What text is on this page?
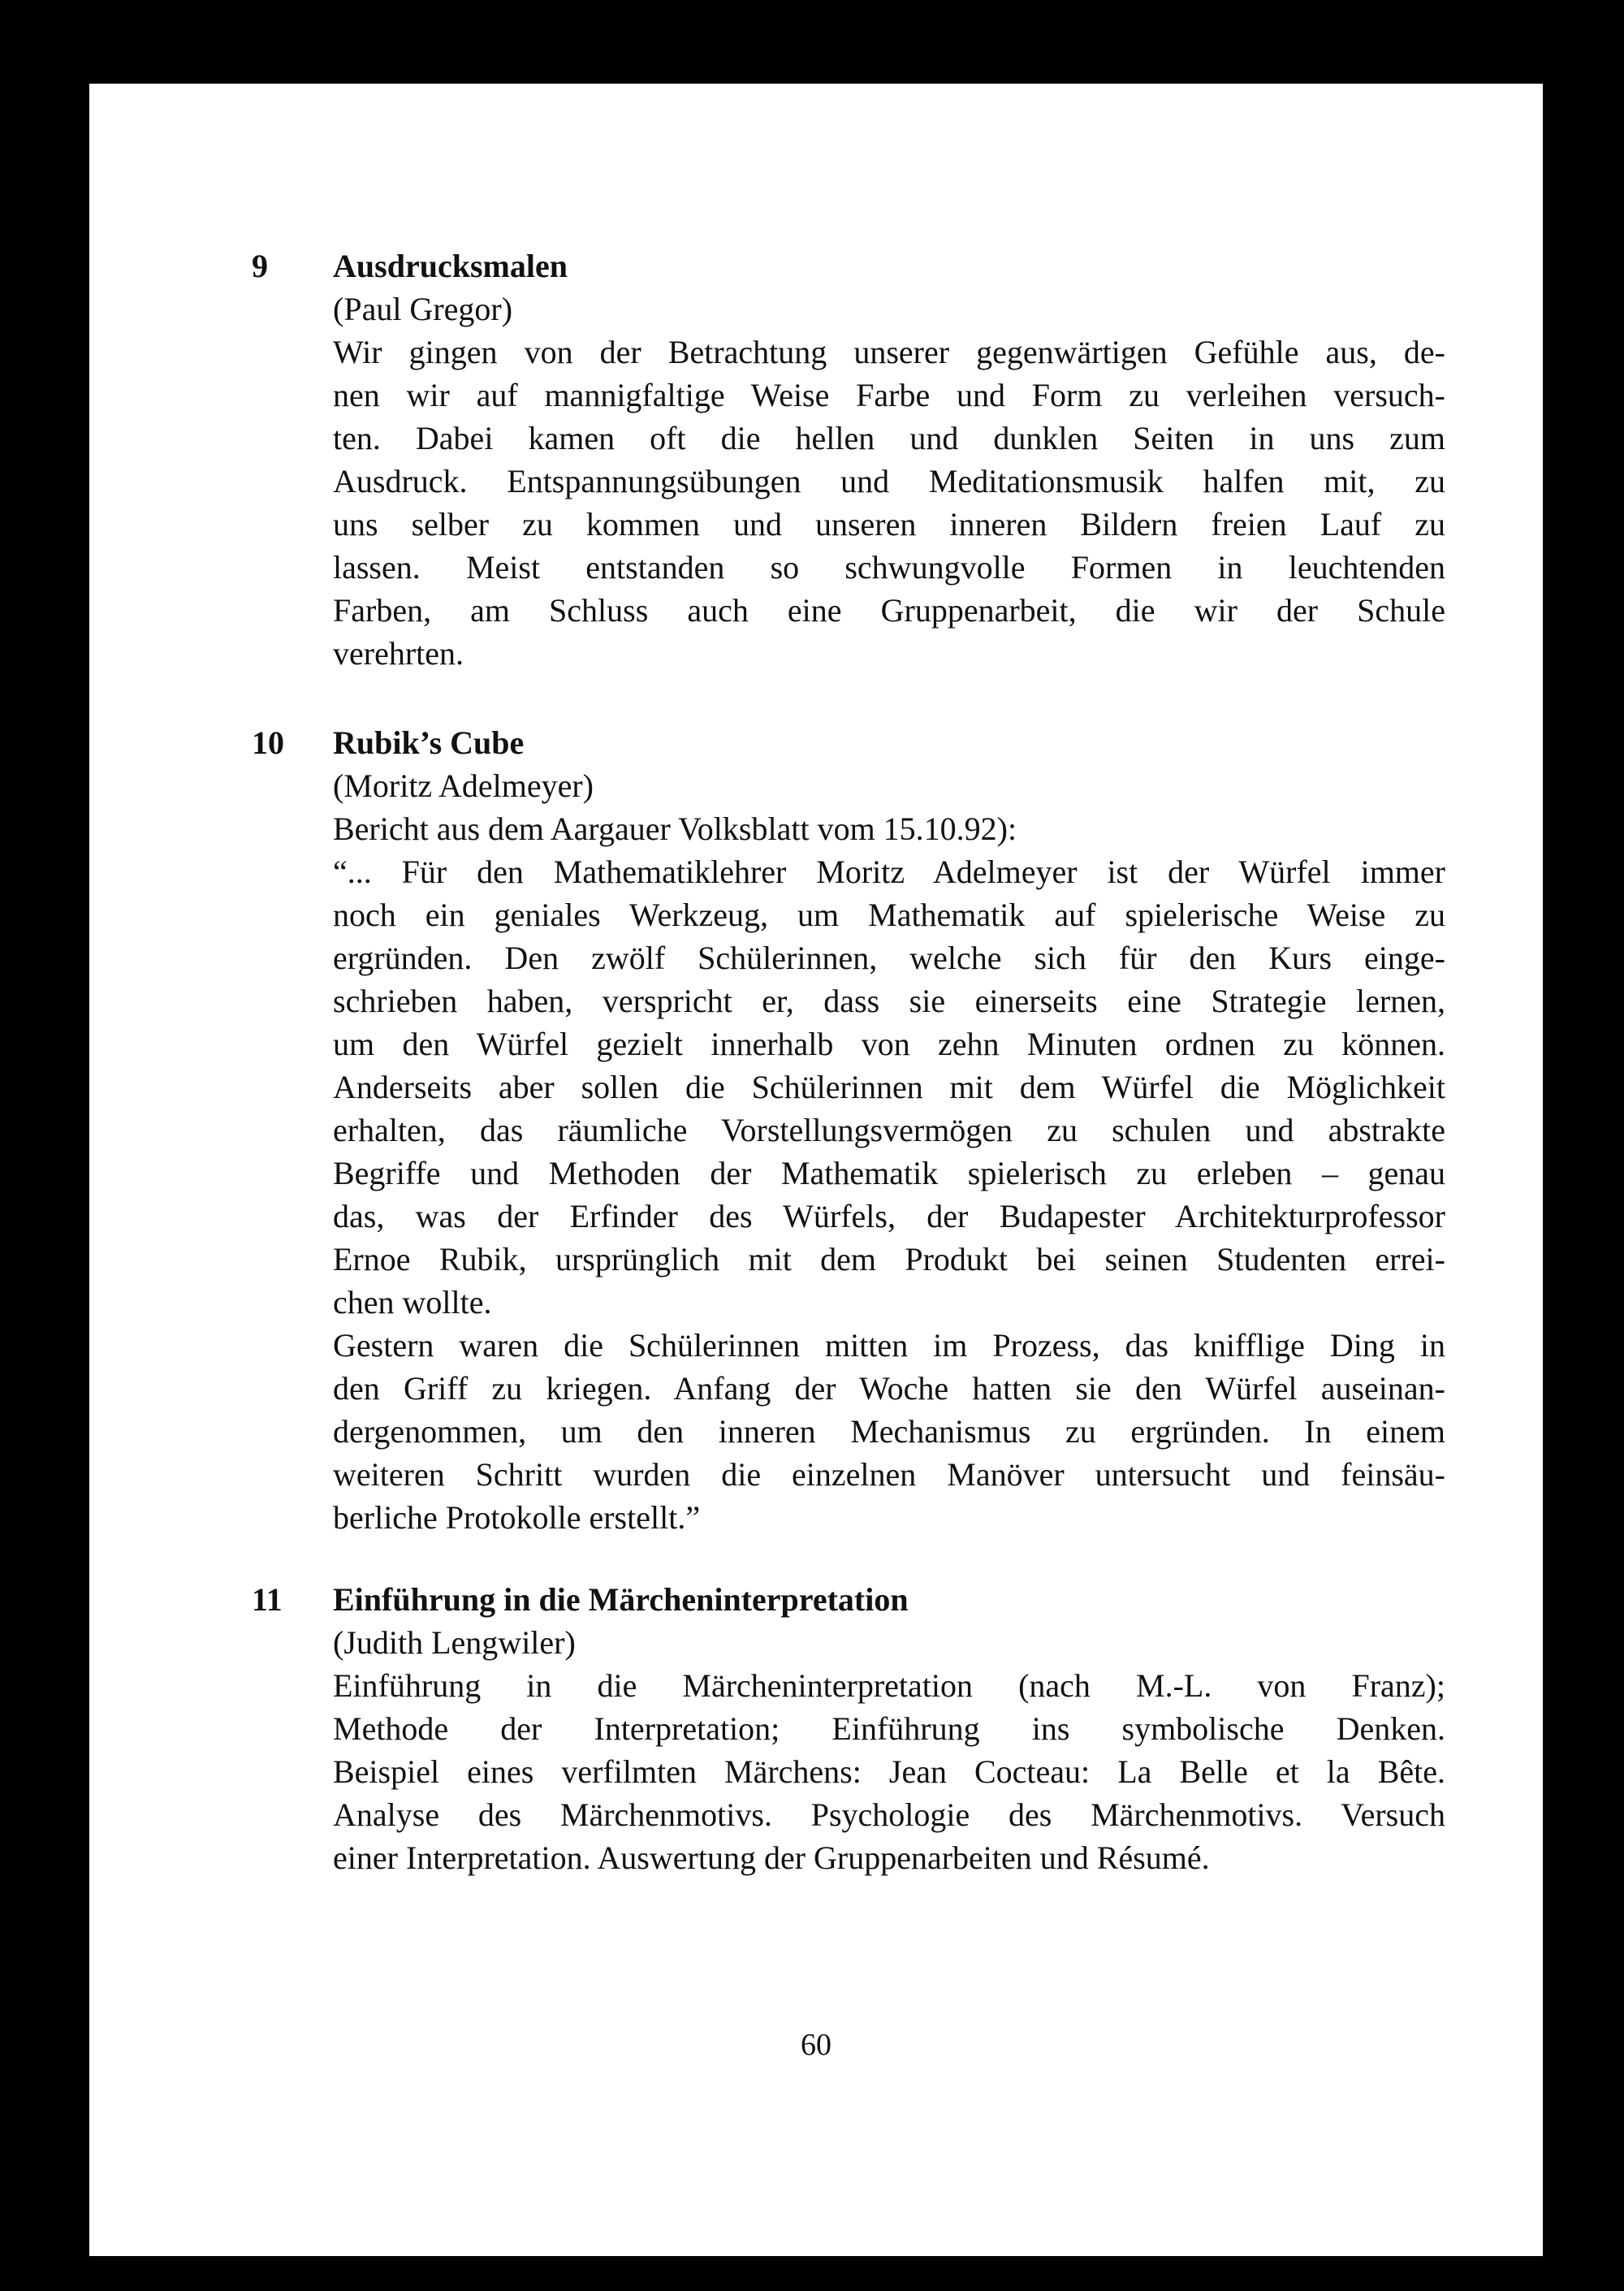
9 Ausdrucksmalen
(Paul Gregor)
Wir gingen von der Betrachtung unserer gegenwärtigen Gefühle aus, de-
nen wir auf mannigfaltige Weise Farbe und Form zu verleihen versuch-
ten. Dabei kamen oft die hellen und dunklen Seiten in uns zum
Ausdruck. Entspannungsübungen und Meditationsmusik halfen mit, zu
uns selber zu kommen und unseren inneren Bildern freien Lauf zu
lassen. Meist entstanden so schwungvolle Formen in leuchtenden
Farben, am Schluss auch eine Gruppenarbeit, die wir der Schule
verehrten.
10 Rubik’s Cube
(Moritz Adelmeyer)
Bericht aus dem Aargauer Volksblatt vom 15.10.92):
“... Für den Mathematiklehrer Moritz Adelmeyer ist der Würfel immer
noch ein geniales Werkzeug, um Mathematik auf spielerische Weise zu
ergründen. Den zwölf Schülerinnen, welche sich für den Kurs einge-
schrieben haben, verspricht er, dass sie einerseits eine Strategie lernen,
um den Würfel gezielt innerhalb von zehn Minuten ordnen zu können.
Anderseits aber sollen die Schülerinnen mit dem Würfel die Möglichkeit
erhalten, das räumliche Vorstellungsvermögen zu schulen und abstrakte
Begriffe und Methoden der Mathematik spielerisch zu erleben – genau
das, was der Erfinder des Würfels, der Budapester Architekturprofessor
Ernoe Rubik, ursprünglich mit dem Produkt bei seinen Studenten errei-
chen wollte.
Gestern waren die Schülerinnen mitten im Prozess, das knifflige Ding in
den Griff zu kriegen. Anfang der Woche hatten sie den Würfel auseinan-
dergenommen, um den inneren Mechanismus zu ergründen. In einem
weiteren Schritt wurden die einzelnen Manöver untersucht und feinsäu-
berliche Protokolle erstellt.”
11 Einführung in die Märcheninterpretation
(Judith Lengwiler)
Einführung in die Märcheninterpretation (nach M.-L. von Franz);
Methode der Interpretation; Einführung ins symbolische Denken.
Beispiel eines verfilmten Märchens: Jean Cocteau: La Belle et la Bête.
Analyse des Märchenmotivs. Psychologie des Märchenmotivs. Versuch
einer Interpretation. Auswertung der Gruppenarbeiten und Résumé.
60
